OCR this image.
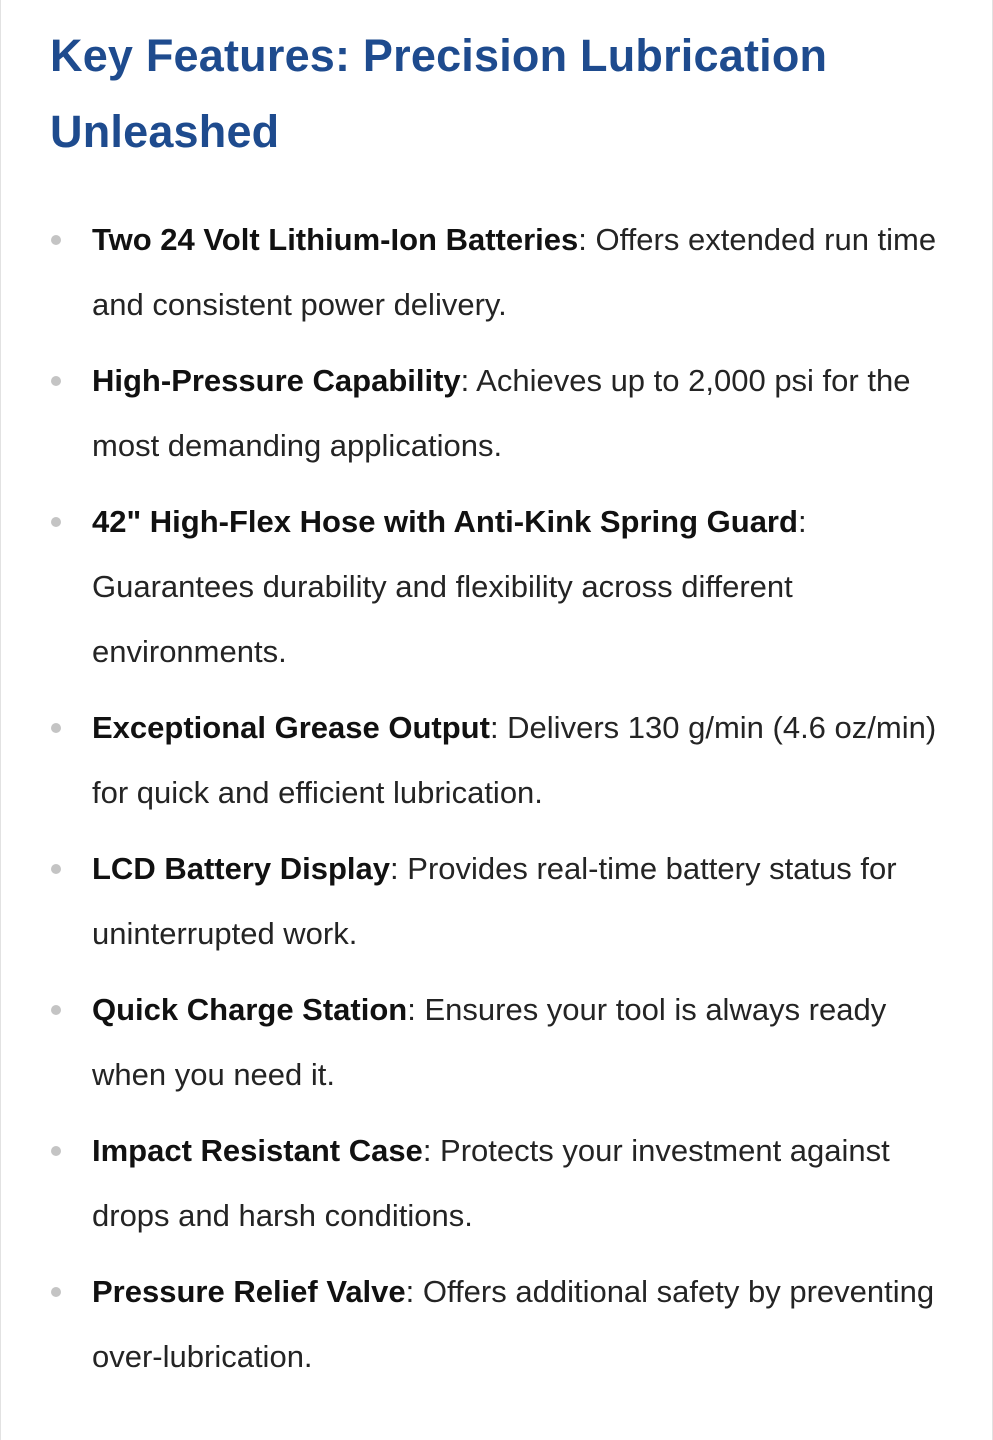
Key Features: Precision Lubrication Unleashed
Two 24 Volt Lithium-Ion Batteries: Offers extended run time and consistent power delivery.
High-Pressure Capability: Achieves up to 2,000 psi for the most demanding applications.
42" High-Flex Hose with Anti-Kink Spring Guard: Guarantees durability and flexibility across different environments.
Exceptional Grease Output: Delivers 130 g/min (4.6 oz/min) for quick and efficient lubrication.
LCD Battery Display: Provides real-time battery status for uninterrupted work.
Quick Charge Station: Ensures your tool is always ready when you need it.
Impact Resistant Case: Protects your investment against drops and harsh conditions.
Pressure Relief Valve: Offers additional safety by preventing over-lubrication.
